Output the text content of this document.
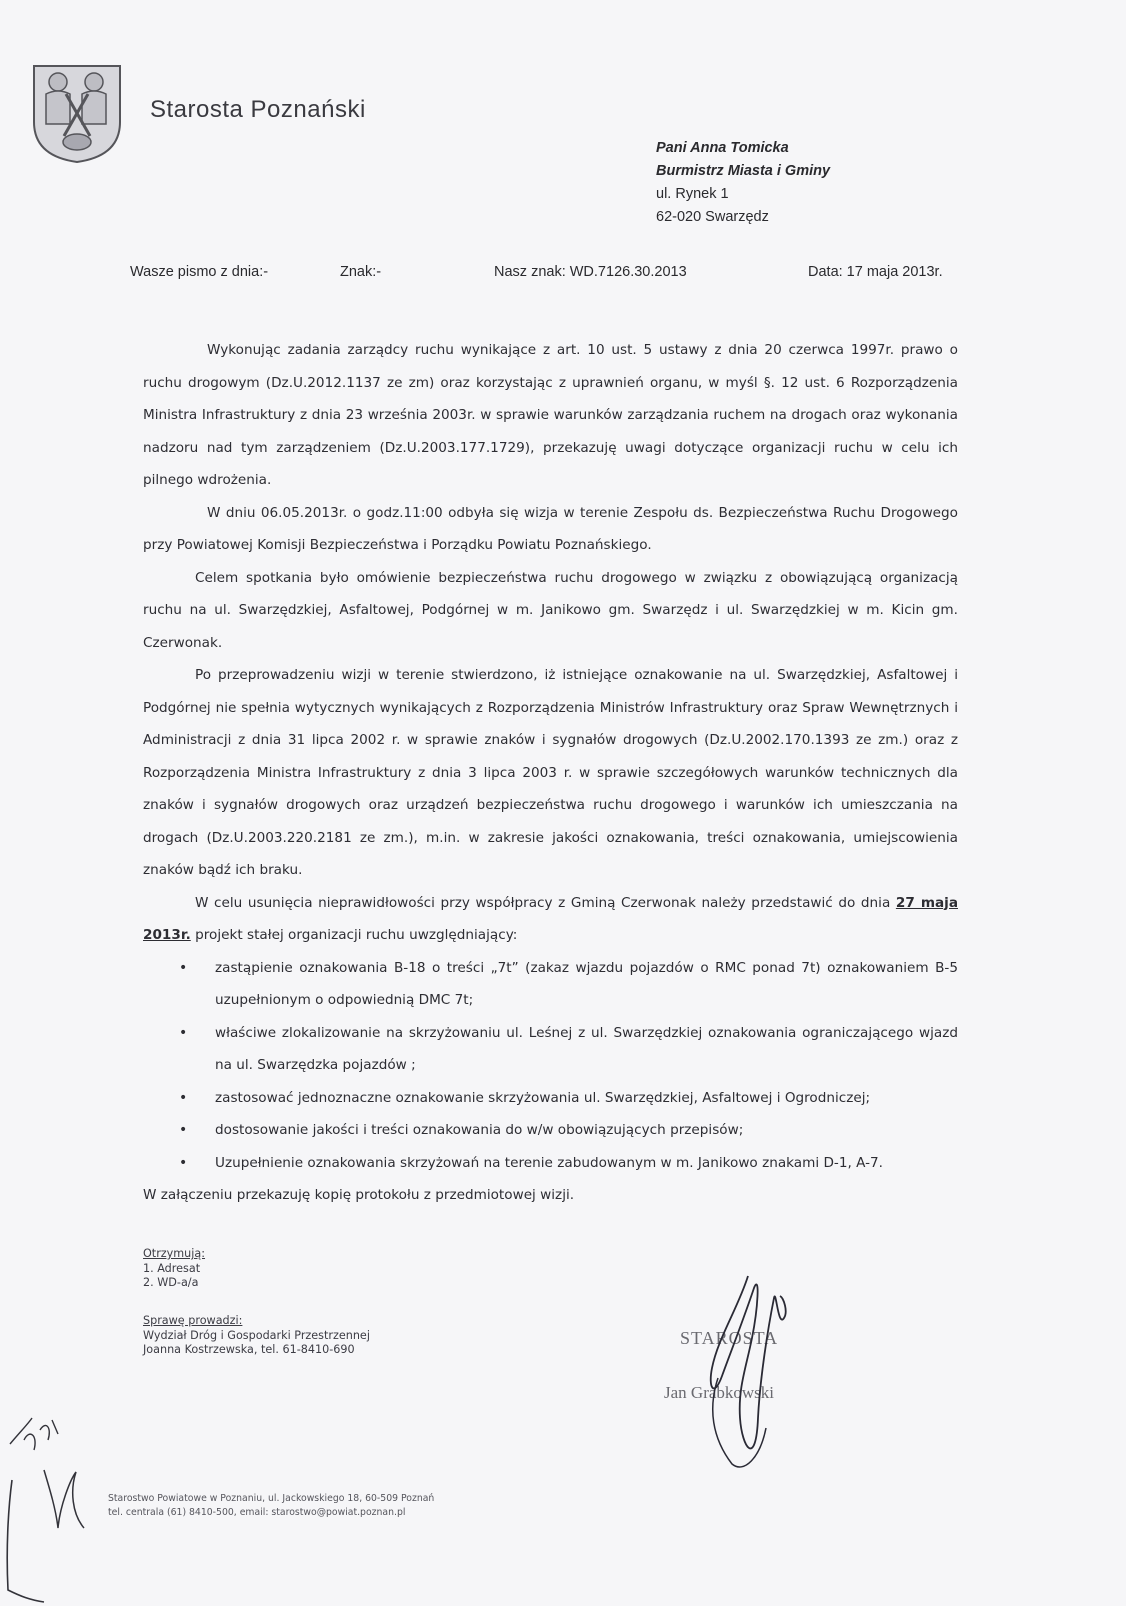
Starosta Poznański
Pani Anna Tomicka
Burmistrz Miasta i Gminy
ul. Rynek 1
62-020 Swarzędz
Wasze pismo z dnia:-	Znak:-	Nasz znak: WD.7126.30.2013	Data: 17 maja 2013r.

Wykonując zadania zarządcy ruchu wynikające z art. 10 ust. 5 ustawy z dnia 20 czerwca 1997r. prawo o ruchu drogowym (Dz.U.2012.1137 ze zm) oraz korzystając z uprawnień organu, w myśl §. 12 ust. 6 Rozporządzenia Ministra Infrastruktury z dnia 23 września 2003r. w sprawie warunków zarządzania ruchem na drogach oraz wykonania nadzoru nad tym zarządzeniem (Dz.U.2003.177.1729), przekazuję uwagi dotyczące organizacji ruchu w celu ich pilnego wdrożenia.

W dniu 06.05.2013r. o godz.11:00 odbyła się wizja w terenie Zespołu ds. Bezpieczeństwa Ruchu Drogowego przy Powiatowej Komisji Bezpieczeństwa i Porządku Powiatu Poznańskiego.

Celem spotkania było omówienie bezpieczeństwa ruchu drogowego w związku z obowiązującą organizacją ruchu na ul. Swarzędzkiej, Asfaltowej, Podgórnej w m. Janikowo gm. Swarzędz i ul. Swarzędzkiej w m. Kicin gm. Czerwonak.

Po przeprowadzeniu wizji w terenie stwierdzono, iż istniejące oznakowanie na ul. Swarzędzkiej, Asfaltowej i Podgórnej nie spełnia wytycznych wynikających z Rozporządzenia Ministrów Infrastruktury oraz Spraw Wewnętrznych i Administracji z dnia 31 lipca 2002 r. w sprawie znaków i sygnałów drogowych (Dz.U.2002.170.1393 ze zm.) oraz z Rozporządzenia Ministra Infrastruktury z dnia 3 lipca 2003 r. w sprawie szczegółowych warunków technicznych dla znaków i sygnałów drogowych oraz urządzeń bezpieczeństwa ruchu drogowego i warunków ich umieszczania na drogach (Dz.U.2003.220.2181 ze zm.), m.in. w zakresie jakości oznakowania, treści oznakowania, umiejscowienia znaków bądź ich braku.

W celu usunięcia nieprawidłowości przy współpracy z Gminą Czerwonak należy przedstawić do dnia 27 maja 2013r. projekt stałej organizacji ruchu uwzględniający:

• zastąpienie oznakowania B-18 o treści „7t” (zakaz wjazdu pojazdów o RMC ponad 7t) oznakowaniem B-5 uzupełnionym o odpowiednią DMC 7t;
• właściwe zlokalizowanie na skrzyżowaniu ul. Leśnej z ul. Swarzędzkiej oznakowania ograniczającego wjazd na ul. Swarzędzka pojazdów ;
• zastosować jednoznaczne oznakowanie skrzyżowania ul. Swarzędzkiej, Asfaltowej i Ogrodniczej;
• dostosowanie jakości i treści oznakowania do w/w obowiązujących przepisów;
• Uzupełnienie oznakowania skrzyżowań na terenie zabudowanym w m. Janikowo znakami D-1, A-7.

W załączeniu przekazuję kopię protokołu z przedmiotowej wizji.

Otrzymują:
1. Adresat
2. WD-a/a
Sprawę prowadzi:
Wydział Dróg i Gospodarki Przestrzennej
Joanna Kostrzewska, tel. 61-8410-690
STAROSTA
Jan Grabkowski
Starostwo Powiatowe w Poznaniu, ul. Jackowskiego 18, 60-509 Poznań
tel. centrala (61) 8410-500, email: starostwo@powiat.poznan.pl
